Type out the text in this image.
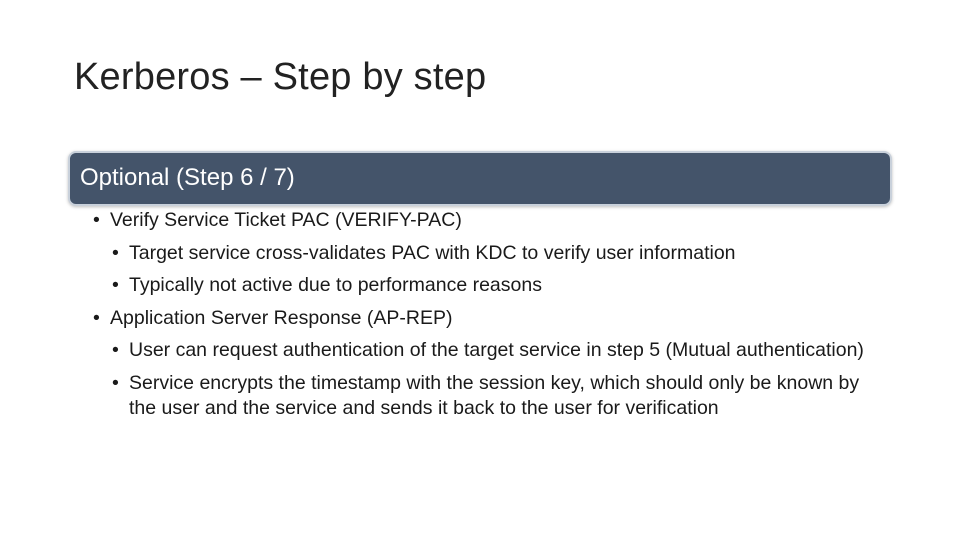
Kerberos – Step by step
Optional (Step 6 / 7)

• Verify Service Ticket PAC (VERIFY-PAC)

• Target service cross-validates PAC with KDC to verify user information

• Typically not active due to performance reasons

• Application Server Response (AP-REP)

• User can request authentication of the target service in step 5 (Mutual authentication)

• Service encrypts the timestamp with the session key, which should only be known by the user and the service and sends it back to the user for verification
